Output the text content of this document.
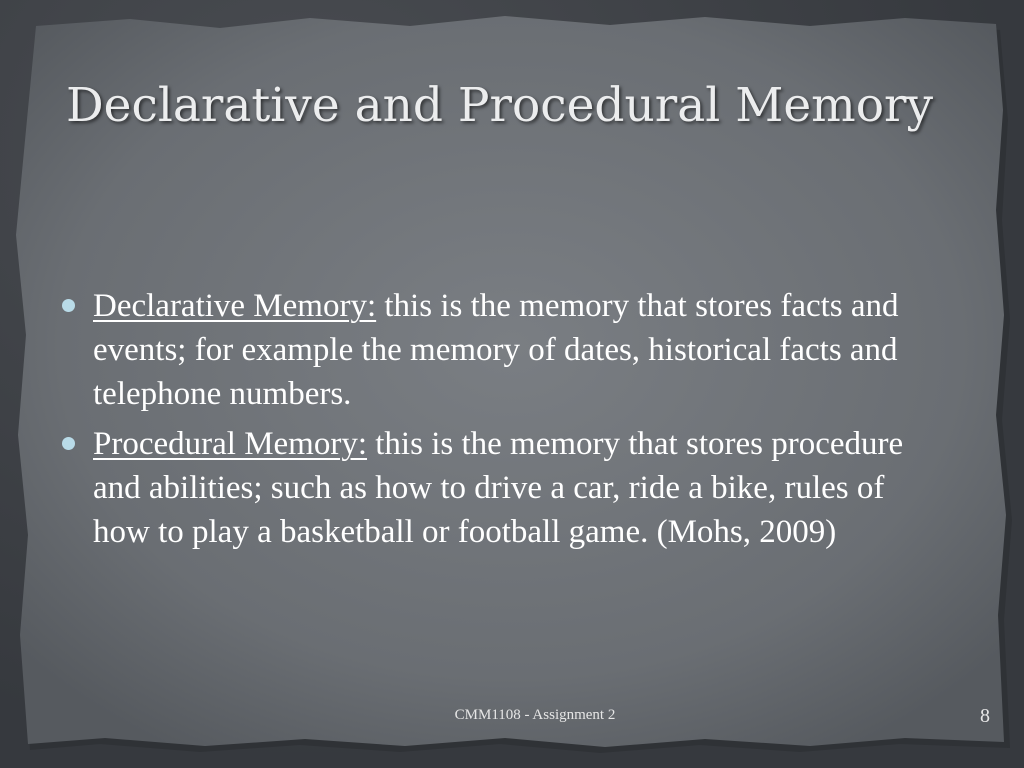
Declarative and Procedural Memory
Declarative Memory: this is the memory that stores facts and events; for example the memory of dates, historical facts and telephone numbers.
Procedural Memory: this is the memory that stores procedure and abilities; such as how to drive a car, ride a bike, rules of how to play a basketball or football game. (Mohs, 2009)
CMM1108 - Assignment 2	8
